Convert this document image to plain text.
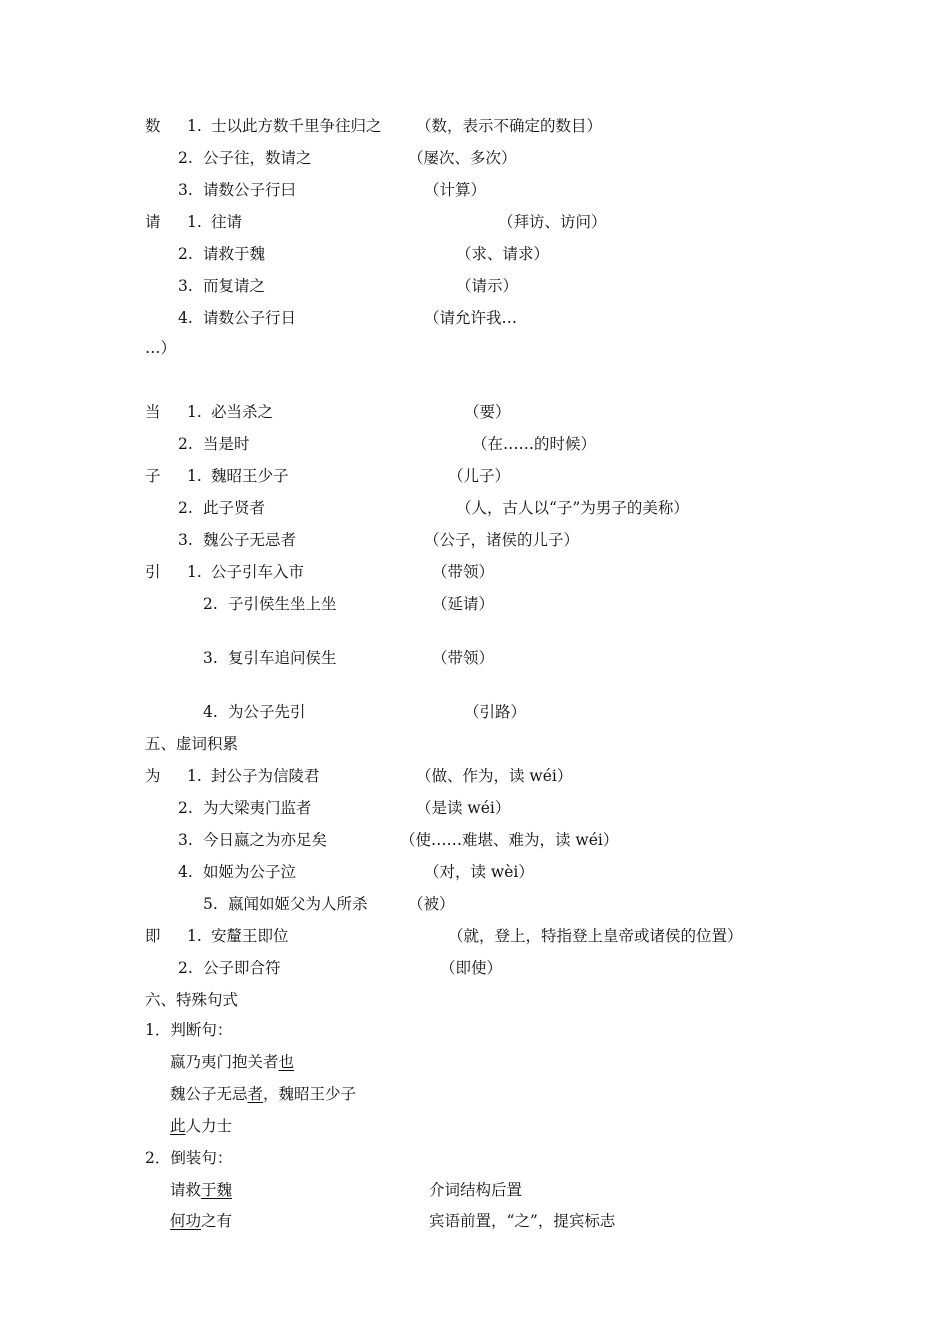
数 1. 士以此方数千里争往归之 （数，表示不确定的数目）
2. 公子往，数请之	（屡次、多次）
3. 请数公子行曰	（计算）
请 1. 往请	（拜访、访问）
2. 请救于魏	（求、请求）
3. 而复请之	（请示）
4. 请数公子行日	（请允许我…
…）
当 1. 必当杀之	（要）
2. 当是时	（在……的时候）
子 1. 魏昭王少子	（儿子）
2. 此子贤者	（人，古人以“子”为男子的美称）
3. 魏公子无忌者	（公子，诸侯的儿子）
引 1. 公子引车入市	（带领）
2. 子引侯生坐上坐	（延请）
3. 复引车追问侯生	（带领）
4. 为公子先引	（引路）
五、虚词积累
为 1. 封公子为信陵君	（做、作为，读 wéi）
2. 为大梁夷门监者	（是读 wéi）
3. 今日嬴之为亦足矣	（使……难堪、难为，读 wéi）
4. 如姬为公子泣	（对，读 wèi）
5. 嬴闻如姬父为人所杀	（被）
即 1. 安釐王即位	（就，登上，特指登上皇帝或诸侯的位置）
2. 公子即合符	（即使）
六、特殊句式
1．判断句：
嬴乃夷门抱关者也
魏公子无忌者，魏昭王少子
此人力士
2．倒装句：
请救于魏	介词结构后置
何功之有	宾语前置，“之”，提宾标志
